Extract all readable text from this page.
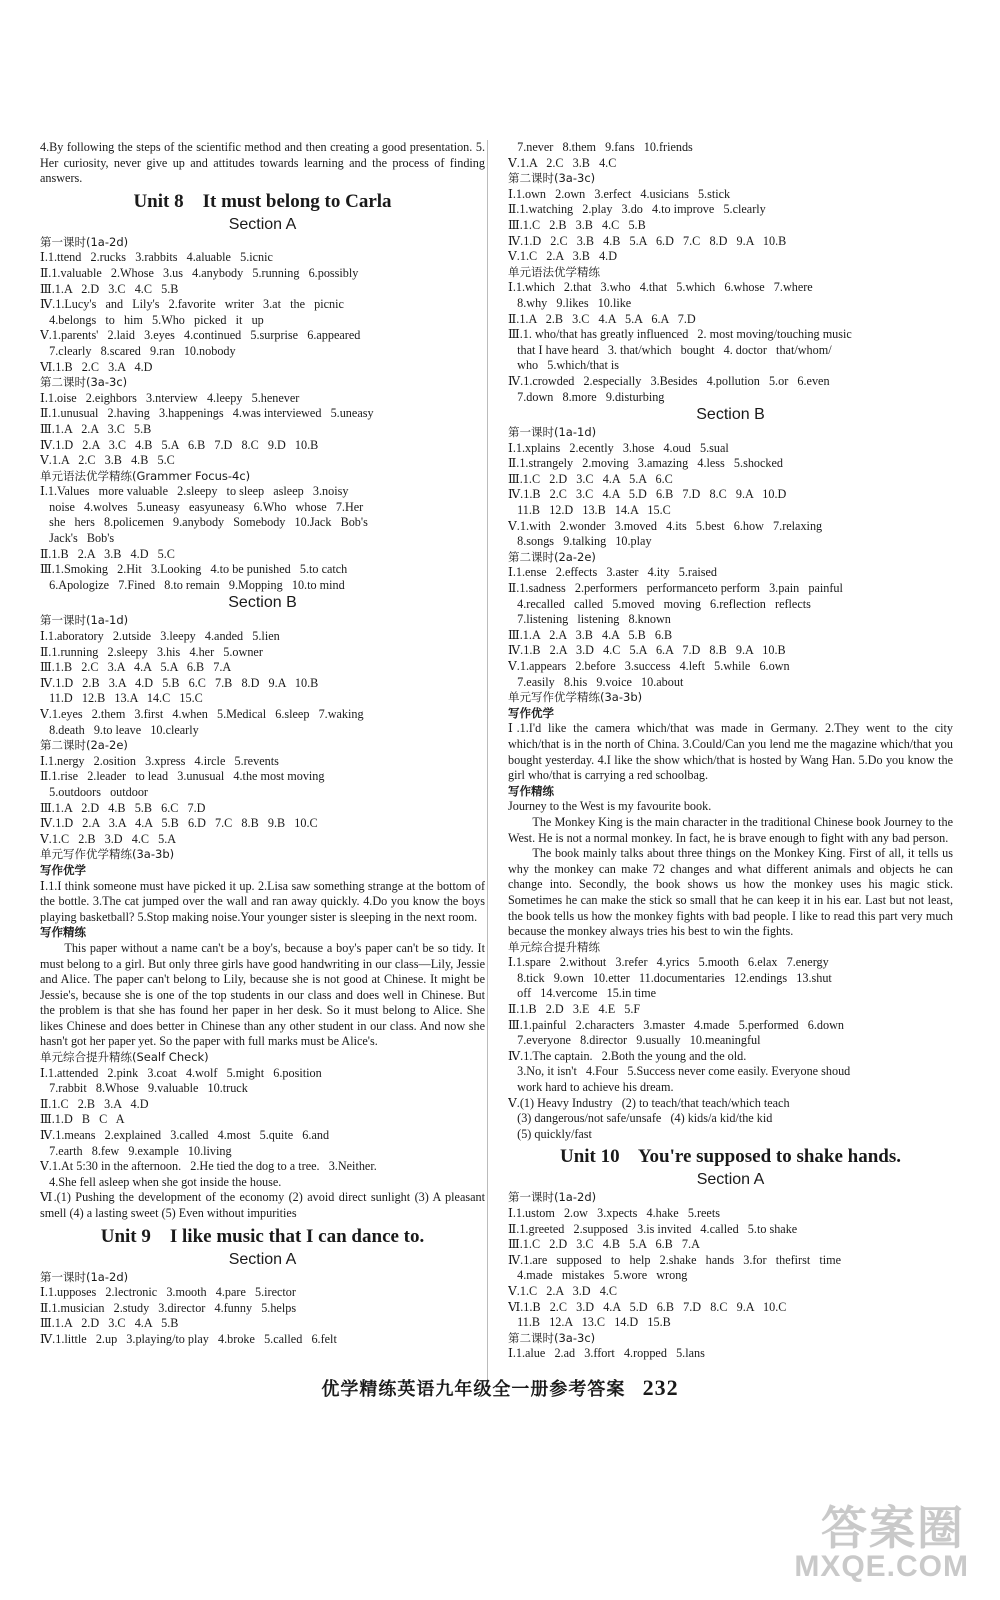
4.By following the steps of the scientific method and then creating a good presentation. 5. Her curiosity, never give up and attitudes towards learning and the process of finding answers.
Unit 8    It must belong to Carla
Section A
第一课时(1a-2d)
Ⅰ.1.ttend   2.rucks   3.rabbits   4.aluable   5.icnic
Ⅱ.1.valuable   2.Whose   3.us   4.anybody   5.running   6.possibly
Ⅲ.1.A   2.D   3.C   4.C   5.B
Ⅳ.1.Lucy's   and   Lily's   2.favorite   writer   3.at   the   picnic
4.belongs   to   him   5.Who   picked   it   up
Ⅴ.1.parents'   2.laid   3.eyes   4.continued   5.surprise   6.appeared
7.clearly   8.scared   9.ran   10.nobody
Ⅵ.1.B   2.C   3.A   4.D
第二课时(3a-3c)
Ⅰ.1.oise   2.eighbors   3.nterview   4.leepy   5.henever
Ⅱ.1.unusual   2.having   3.happenings   4.was interviewed   5.uneasy
Ⅲ.1.A   2.A   3.C   5.B
Ⅳ.1.D   2.A   3.C   4.B   5.A   6.B   7.D   8.C   9.D   10.B
Ⅴ.1.A   2.C   3.B   4.B   5.C
单元语法优学精练(Grammer Focus-4c)
Ⅰ.1.Values   more valuable   2.sleepy   to sleep   asleep   3.noisy
noise   4.wolves   5.uneasy   easyuneasy   6.Who   whose   7.Her
she   hers   8.policemen   9.anybody   Somebody   10.Jack   Bob's
Jack's   Bob's
Ⅱ.1.B   2.A   3.B   4.D   5.C
Ⅲ.1.Smoking   2.Hit   3.Looking   4.to be punished   5.to catch
6.Apologize   7.Fined   8.to remain   9.Mopping   10.to mind
Section B
第一课时(1a-1d)
Ⅰ.1.aboratory   2.utside   3.leepy   4.anded   5.lien
Ⅱ.1.running   2.sleepy   3.his   4.her   5.owner
Ⅲ.1.B   2.C   3.A   4.A   5.A   6.B   7.A
Ⅳ.1.D   2.B   3.A   4.D   5.B   6.C   7.B   8.D   9.A   10.B
11.D   12.B   13.A   14.C   15.C
Ⅴ.1.eyes   2.them   3.first   4.when   5.Medical   6.sleep   7.waking
8.death   9.to leave   10.clearly
第二课时(2a-2e)
Ⅰ.1.nergy   2.osition   3.xpress   4.ircle   5.revents
Ⅱ.1.rise   2.leader   to lead   3.unusual   4.the most moving
5.outdoors   outdoor
Ⅲ.1.A   2.D   4.B   5.B   6.C   7.D
Ⅳ.1.D   2.A   3.A   4.A   5.B   6.D   7.C   8.B   9.B   10.C
Ⅴ.1.C   2.B   3.D   4.C   5.A
单元写作优学精练(3a-3b)
写作优学
Ⅰ.1.I think someone must have picked it up. 2.Lisa saw something strange at the bottom of the bottle. 3.The cat jumped over the wall and ran away quickly. 4.Do you know the boys playing basketball? 5.Stop making noise.Your younger sister is sleeping in the next room.
写作精练
This paper without a name can't be a boy's, because a boy's paper can't be so tidy. It must belong to a girl. But only three girls have good handwriting in our class—Lily, Jessie and Alice. The paper can't belong to Lily, because she is not good at Chinese. It might be Jessie's, because she is one of the top students in our class and does well in Chinese. But the problem is that she has found her paper in her desk. So it must belong to Alice. She likes Chinese and does better in Chinese than any other student in our class. And now she hasn't got her paper yet. So the paper with full marks must be Alice's.
单元综合提升精练(Sealf Check)
Ⅰ.1.attended   2.pink   3.coat   4.wolf   5.might   6.position
7.rabbit   8.Whose   9.valuable   10.truck
Ⅱ.1.C   2.B   3.A   4.D
Ⅲ.1.D   B   C   A
Ⅳ.1.means   2.explained   3.called   4.most   5.quite   6.and
7.earth   8.few   9.example   10.living
Ⅴ.1.At 5:30 in the afternoon.   2.He tied the dog to a tree.   3.Neither.
4.She fell asleep when she got inside the house.
Ⅵ.(1) Pushing the development of the economy (2) avoid direct sunlight (3) A pleasant smell (4) a lasting sweet (5) Even without impurities
Unit 9    I like music that I can dance to.
Section A
第一课时(1a-2d)
Ⅰ.1.upposes   2.lectronic   3.mooth   4.pare   5.irector
Ⅱ.1.musician   2.study   3.director   4.funny   5.helps
Ⅲ.1.A   2.D   3.C   4.A   5.B
Ⅳ.1.little   2.up   3.playing/to play   4.broke   5.called   6.felt
7.never   8.them   9.fans   10.friends
Ⅴ.1.A   2.C   3.B   4.C
第二课时(3a-3c)
Ⅰ.1.own   2.own   3.erfect   4.usicians   5.stick
Ⅱ.1.watching   2.play   3.do   4.to improve   5.clearly
Ⅲ.1.C   2.B   3.B   4.C   5.B
Ⅳ.1.D   2.C   3.B   4.B   5.A   6.D   7.C   8.D   9.A   10.B
Ⅴ.1.C   2.A   3.B   4.D
单元语法优学精练
Ⅰ.1.which   2.that   3.who   4.that   5.which   6.whose   7.where
8.why   9.likes   10.like
Ⅱ.1.A   2.B   3.C   4.A   5.A   6.A   7.D
Ⅲ.1. who/that has greatly influenced   2. most moving/touching music
that I have heard   3. that/which   bought   4. doctor   that/whom/
who   5.which/that is
Ⅳ.1.crowded   2.especially   3.Besides   4.pollution   5.or   6.even
7.down   8.more   9.disturbing
Section B
第一课时(1a-1d)
Ⅰ.1.xplains   2.ecently   3.hose   4.oud   5.sual
Ⅱ.1.strangely   2.moving   3.amazing   4.less   5.shocked
Ⅲ.1.C   2.D   3.C   4.A   5.A   6.C
Ⅳ.1.B   2.C   3.C   4.A   5.D   6.B   7.D   8.C   9.A   10.D
11.B   12.D   13.B   14.A   15.C
Ⅴ.1.with   2.wonder   3.moved   4.its   5.best   6.how   7.relaxing
8.songs   9.talking   10.play
第二课时(2a-2e)
Ⅰ.1.ense   2.effects   3.aster   4.ity   5.raised
Ⅱ.1.sadness   2.performers   performanceto perform   3.pain   painful
4.recalled   called   5.moved   moving   6.reflection   reflects
7.listening   listening   8.known
Ⅲ.1.A   2.A   3.B   4.A   5.B   6.B
Ⅳ.1.B   2.A   3.D   4.C   5.A   6.A   7.D   8.B   9.A   10.B
Ⅴ.1.appears   2.before   3.success   4.left   5.while   6.own
7.easily   8.his   9.voice   10.about
单元写作优学精练(3a-3b)
写作优学
Ⅰ.1.I'd like the camera which/that was made in Germany. 2.They went to the city which/that is in the north of China. 3.Could/Can you lend me the magazine which/that you bought yesterday. 4.I like the show which/that is hosted by Wang Han. 5.Do you know the girl who/that is carrying a red schoolbag.
写作精练
Journey to the West is my favourite book.
The Monkey King is the main character in the traditional Chinese book Journey to the West. He is not a normal monkey. In fact, he is brave enough to fight with any bad person.
The book mainly talks about three things on the Monkey King. First of all, it tells us why the monkey can make 72 changes and what different animals and objects he can change into. Secondly, the book shows us how the monkey uses his magic stick. Sometimes he can make the stick so small that he can keep it in his ear. Last but not least, the book tells us how the monkey fights with bad people. I like to read this part very much because the monkey always tries his best to win the fights.
单元综合提升精练
Ⅰ.1.spare   2.without   3.refer   4.yrics   5.mooth   6.elax   7.energy
8.tick   9.own   10.etter   11.documentaries   12.endings   13.shut
off   14.vercome   15.in time
Ⅱ.1.B   2.D   3.E   4.E   5.F
Ⅲ.1.painful   2.characters   3.master   4.made   5.performed   6.down
7.everyone   8.director   9.usually   10.meaningful
Ⅳ.1.The captain.   2.Both the young and the old.
3.No, it isn't   4.Four   5.Success never come easily. Everyone shoud
work hard to achieve his dream.
Ⅴ.(1) Heavy Industry   (2) to teach/that teach/which teach
(3) dangerous/not safe/unsafe   (4) kids/a kid/the kid
(5) quickly/fast
Unit 10    You're supposed to shake hands.
Section A
第一课时(1a-2d)
Ⅰ.1.ustom   2.ow   3.xpects   4.hake   5.reets
Ⅱ.1.greeted   2.supposed   3.is invited   4.called   5.to shake
Ⅲ.1.C   2.D   3.C   4.B   5.A   6.B   7.A
Ⅳ.1.are   supposed   to   help   2.shake   hands   3.for   thefirst   time
4.made   mistakes   5.wore   wrong
Ⅴ.1.C   2.A   3.D   4.C
Ⅵ.1.B   2.C   3.D   4.A   5.D   6.B   7.D   8.C   9.A   10.C
11.B   12.A   13.C   14.D   15.B
第二课时(3a-3c)
Ⅰ.1.alue   2.ad   3.ffort   4.ropped   5.lans
优学精练英语九年级全一册参考答案 232
答案圈
MXQE.COM
